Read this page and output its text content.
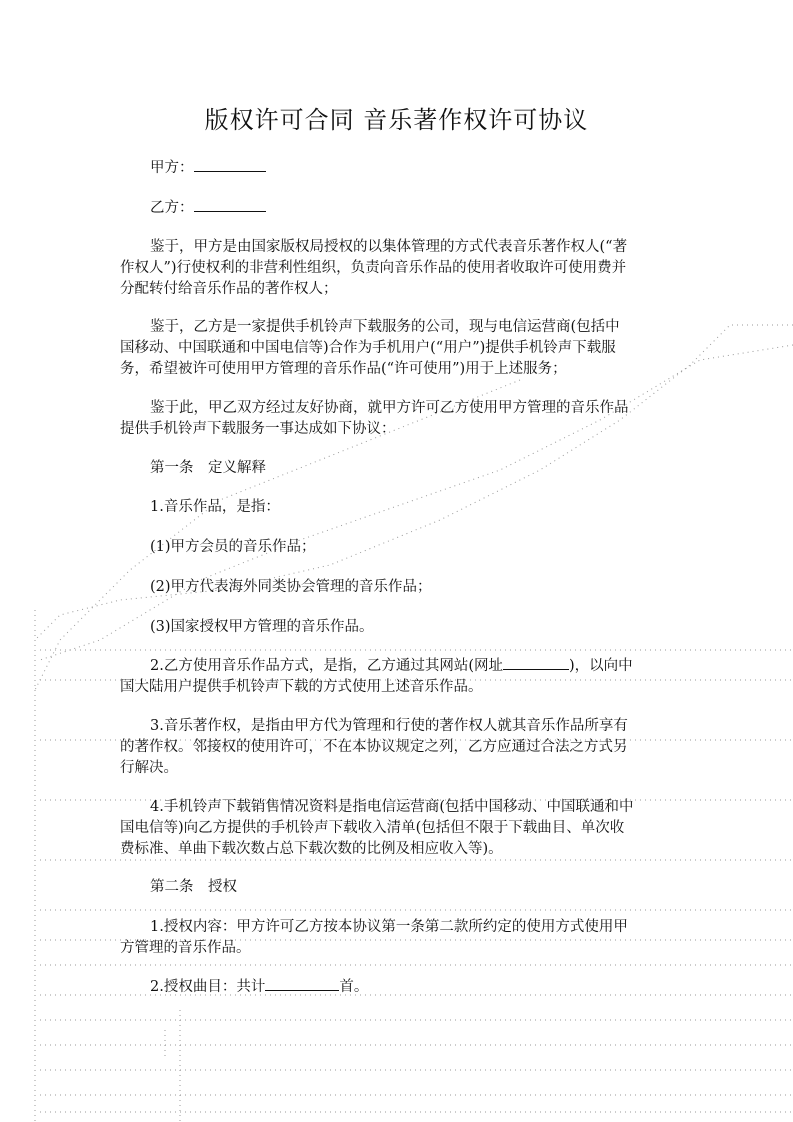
版权许可合同 音乐著作权许可协议
甲方：
乙方：
鉴于，甲方是由国家版权局授权的以集体管理的方式代表音乐著作权人(“著
作权人”)行使权利的非营利性组织，负责向音乐作品的使用者收取许可使用费并
分配转付给音乐作品的著作权人；
鉴于，乙方是一家提供手机铃声下载服务的公司，现与电信运营商(包括中
国移动、中国联通和中国电信等)合作为手机用户(“用户”)提供手机铃声下载服
务，希望被许可使用甲方管理的音乐作品(“许可使用”)用于上述服务；
鉴于此，甲乙双方经过友好协商，就甲方许可乙方使用甲方管理的音乐作品
提供手机铃声下载服务一事达成如下协议：
第一条　定义解释
1.音乐作品，是指：
(1)甲方会员的音乐作品；
(2)甲方代表海外同类协会管理的音乐作品；
(3)国家授权甲方管理的音乐作品。
2.乙方使用音乐作品方式，是指，乙方通过其网站(网址	)，以向中
国大陆用户提供手机铃声下载的方式使用上述音乐作品。
3.音乐著作权，是指由甲方代为管理和行使的著作权人就其音乐作品所享有
的著作权。邻接权的使用许可，不在本协议规定之列，乙方应通过合法之方式另
行解决。
4.手机铃声下载销售情况资料是指电信运营商(包括中国移动、中国联通和中
国电信等)向乙方提供的手机铃声下载收入清单(包括但不限于下载曲目、单次收
费标准、单曲下载次数占总下载次数的比例及相应收入等)。
第二条　授权
1.授权内容：甲方许可乙方按本协议第一条第二款所约定的使用方式使用甲
方管理的音乐作品。
2.授权曲目：共计	首。
